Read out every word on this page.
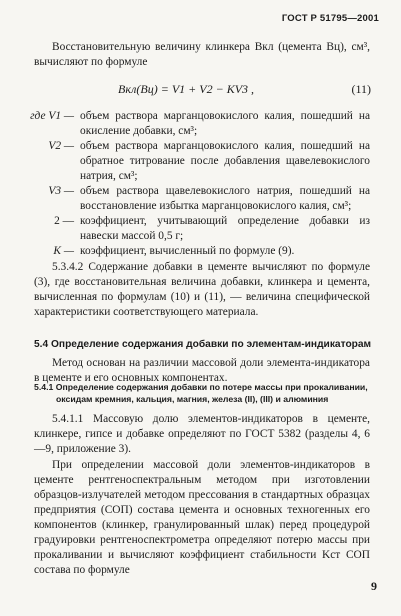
ГОСТ Р 51795—2001
Восстановительную величину клинкера Bкл (цемента Bц), см³, вычисляют по формуле
Bкл(Bц) = V1 + V2 − KV3 ,	(11)
где V1 — объем раствора марганцовокислого калия, пошедший на окисление добавки, см³;
V2 — объем раствора марганцовокислого калия, пошедший на обратное титрование после добавления щавелевокислого натрия, см³;
V3 — объем раствора щавелевокислого натрия, пошедший на восстановление избытка марганцовокислого калия, см³;
2 — коэффициент, учитывающий определение добавки из навески массой 0,5 г;
K — коэффициент, вычисленный по формуле (9).
5.3.4.2 Содержание добавки в цементе вычисляют по формуле (3), где восстановительная величина добавки, клинкера и цемента, вычисленная по формулам (10) и (11), — величина специфической характеристики соответствующего материала.
5.4 Определение содержания добавки по элементам-индикаторам
Метод основан на различии массовой доли элемента-индикатора в цементе и его основных компонентах.
5.4.1 Определение содержания добавки по потере массы при прокаливании,
оксидам кремния, кальция, магния, железа (II), (III) и алюминия
5.4.1.1 Массовую долю элементов-индикаторов в цементе, клинкере, гипсе и добавке определяют по ГОСТ 5382 (разделы 4, 6—9, приложение 3).
При определении массовой доли элементов-индикаторов в цементе рентгеноспектральным методом при изготовлении образцов-излучателей методом прессования в стандартных образцах предприятия (СОП) состава цемента и основных техногенных его компонентов (клинкер, гранулированный шлак) перед процедурой градуировки рентгеноспектрометра определяют потерю массы при прокаливании и вычисляют коэффициент стабильности Kст СОП состава по формуле
9
